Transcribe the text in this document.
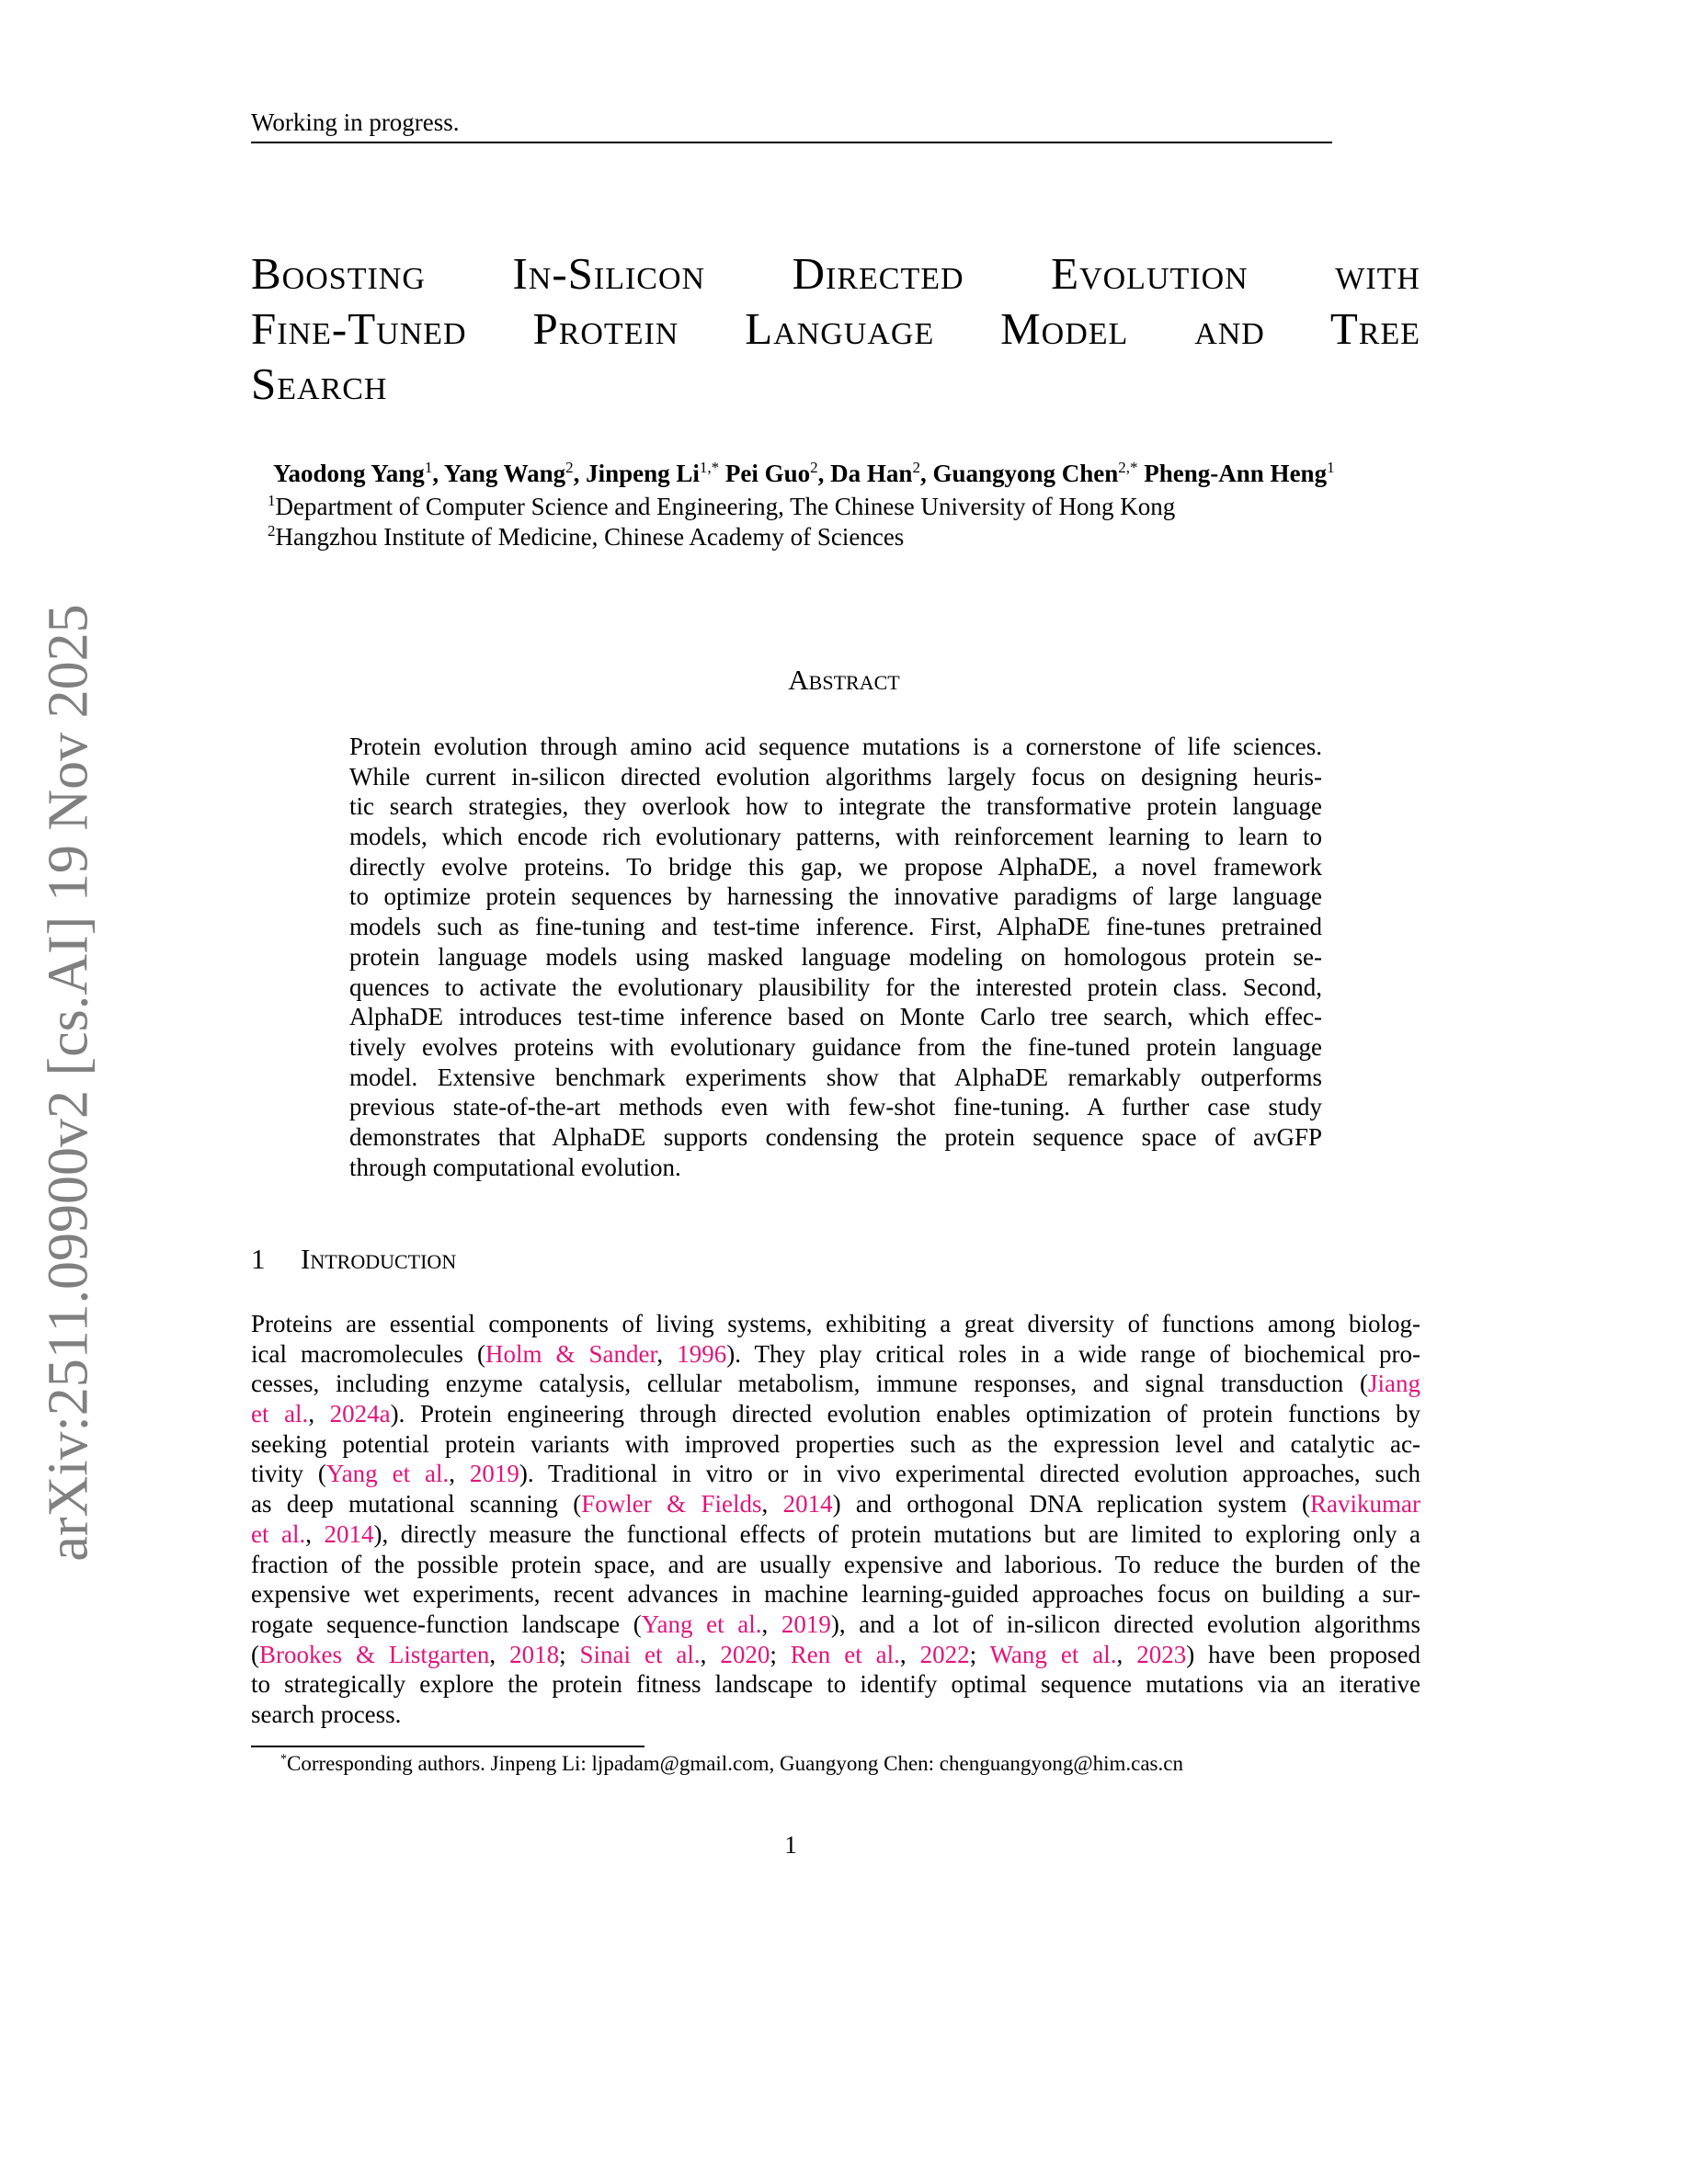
arXiv:2511.09900v2 [cs.AI] 19 Nov 2025
Working in progress.
Boosting In-Silicon Directed Evolution with
Fine-Tuned Protein Language Model and Tree
Search
Yaodong Yang$^1$, Yang Wang$^2$, Jinpeng $Li^{1,*}$ Pei Guo$^2$, Da Han$^2$, Guangyong Chen$^{2,*}$ Pheng-Ann Heng$^1$
$^1$Department of Computer Science and Engineering, The Chinese University of Hong Kong
$^2$Hangzhou Institute of Medicine, Chinese Academy of Sciences
Abstract
Protein evolution through amino acid sequence mutations is a cornerstone of life sciences.
While current in-silicon directed evolution algorithms largely focus on designing heuris-
tic search strategies, they overlook how to integrate the transformative protein language
models, which encode rich evolutionary patterns, with reinforcement learning to learn to
directly evolve proteins. To bridge this gap, we propose AlphaDE, a novel framework
to optimize protein sequences by harnessing the innovative paradigms of large language
models such as fine-tuning and test-time inference. First, AlphaDE fine-tunes pretrained
protein language models using masked language modeling on homologous protein se-
quences to activate the evolutionary plausibility for the interested protein class. Second,
AlphaDE introduces test-time inference based on Monte Carlo tree search, which effec-
tively evolves proteins with evolutionary guidance from the fine-tuned protein language
model. Extensive benchmark experiments show that AlphaDE remarkably outperforms
previous state-of-the-art methods even with few-shot fine-tuning. A further case study
demonstrates that AlphaDE supports condensing the protein sequence space of avGFP
through computational evolution.
1 Introduction
Proteins are essential components of living systems, exhibiting a great diversity of functions among biolog-
ical macromolecules (Holm & Sander, 1996). They play critical roles in a wide range of biochemical pro-
cesses, including enzyme catalysis, cellular metabolism, immune responses, and signal transduction (Jiang
et al., 2024a). Protein engineering through directed evolution enables optimization of protein functions by
seeking potential protein variants with improved properties such as the expression level and catalytic ac-
tivity (Yang et al., 2019). Traditional in vitro or in vivo experimental directed evolution approaches, such
as deep mutational scanning (Fowler & Fields, 2014) and orthogonal DNA replication system (Ravikumar
et al., 2014), directly measure the functional effects of protein mutations but are limited to exploring only a
fraction of the possible protein space, and are usually expensive and laborious. To reduce the burden of the
expensive wet experiments, recent advances in machine learning-guided approaches focus on building a sur-
rogate sequence-function landscape (Yang et al., 2019), and a lot of in-silicon directed evolution algorithms
(Brookes & Listgarten, 2018; Sinai et al., 2020; Ren et al., 2022; Wang et al., 2023) have been proposed
to strategically explore the protein fitness landscape to identify optimal sequence mutations via an iterative
search process.
*Corresponding authors. Jinpeng Li: ljpadam@gmail.com, Guangyong Chen: chenguangyong@him.cas.cn
1
